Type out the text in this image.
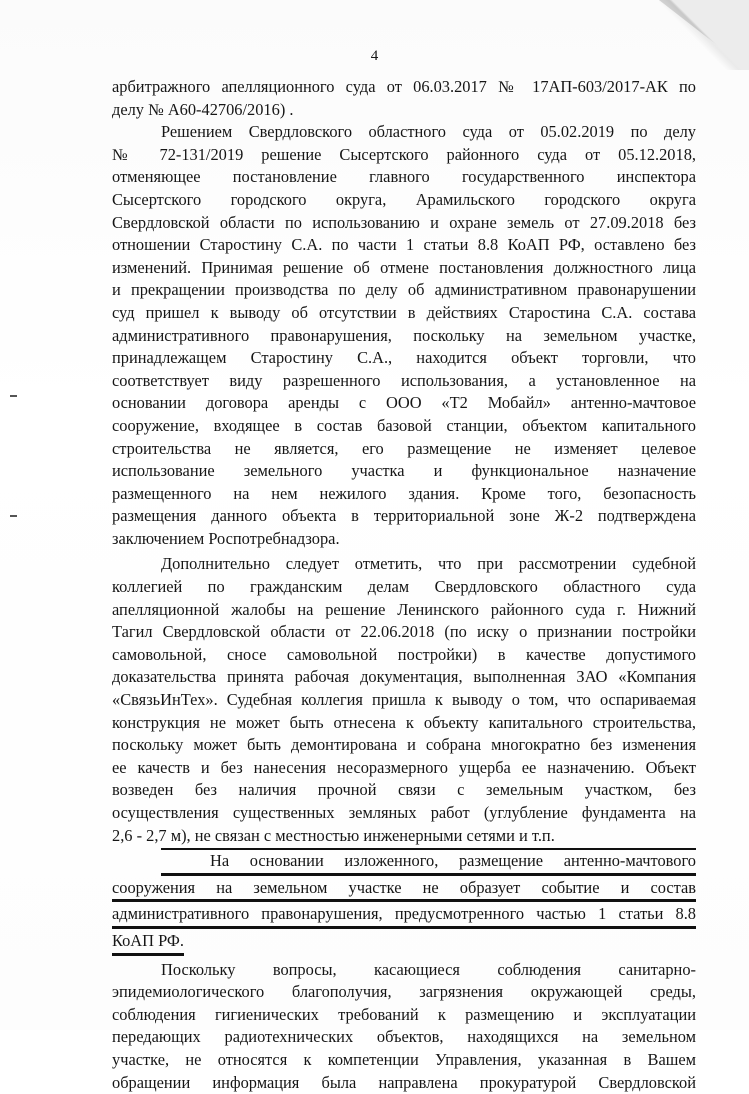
4

арбитражного апелляционного суда от 06.03.2017 № 17АП-603/2017-АК по
делу № А60-42706/2016) .

Решением Свердловского областного суда от 05.02.2019 по делу

№ 72-131/2019 решение Сысертского районного суда от 05.12.2018,
отменяющее постановление главного государственного инспектора
Сысертского городского округа, Арамильского городского округа
Свердловской области по использованию и охране земель от 27.09.2018 без
отношении Старостину С.А. по части 1 статьи 8.8 КоАП РФ, оставлено без
изменений. Принимая решение об отмене постановления должностного лица
и прекращении производства по делу об административном правонарушении
суд пришел к выводу об отсутствии в действиях Старостина С.А. состава
административного правонарушения, поскольку на земельном участке,
принадлежащем Старостину С.А., находится объект торговли, что
соответствует виду разрешенного использования, а установленное на
основании договора аренды с ООО «Т2 Мобайл» антенно-мачтовое
сооружение, входящее в состав базовой станции, объектом капитального
строительства не является, его размещение не изменяет целевое
использование земельного участка и функциональное назначение
размещенного на нем нежилого здания. Кроме того, безопасность
размещения данного объекта в территориальной зоне Ж-2 подтверждена
заключением Роспотребнадзора.

Дополнительно следует отметить, что при рассмотрении судебной

коллегией по гражданским делам Свердловского областного суда
апелляционной жалобы на решение Ленинского районного суда г. Нижний
Тагил Свердловской области от 22.06.2018 (по иску о признании постройки
самовольной, сносе самовольной постройки) в качестве допустимого
доказательства принята рабочая документация, выполненная ЗАО «Компания
«СвязьИнТех». Судебная коллегия пришла к выводу о том, что оспариваемая
конструкция не может быть отнесена к объекту капитального строительства,
поскольку может быть демонтирована и собрана многократно без изменения
ее качеств и без нанесения несоразмерного ущерба ее назначению. Объект
возведен без наличия прочной связи с земельным участком, без
осуществления существенных земляных работ (углубление фундамента на
2,6 - 2,7 м), не связан с местностью инженерными сетями и т.п.

На основании изложенного, размещение антенно-мачтового

сооружения на земельном участке не образует событие и состав
административного правонарушения, предусмотренного частью 1 статьи 8.8
КоАП РФ.

Поскольку вопросы, касающиеся соблюдения санитарно-

эпидемиологического благополучия, загрязнения окружающей среды,
соблюдения гигиенических требований к размещению и эксплуатации
передающих радиотехнических объектов, находящихся на земельном
участке, не относятся к компетенции Управления, указанная в Вашем
обращении информация была направлена прокуратурой Свердловской
